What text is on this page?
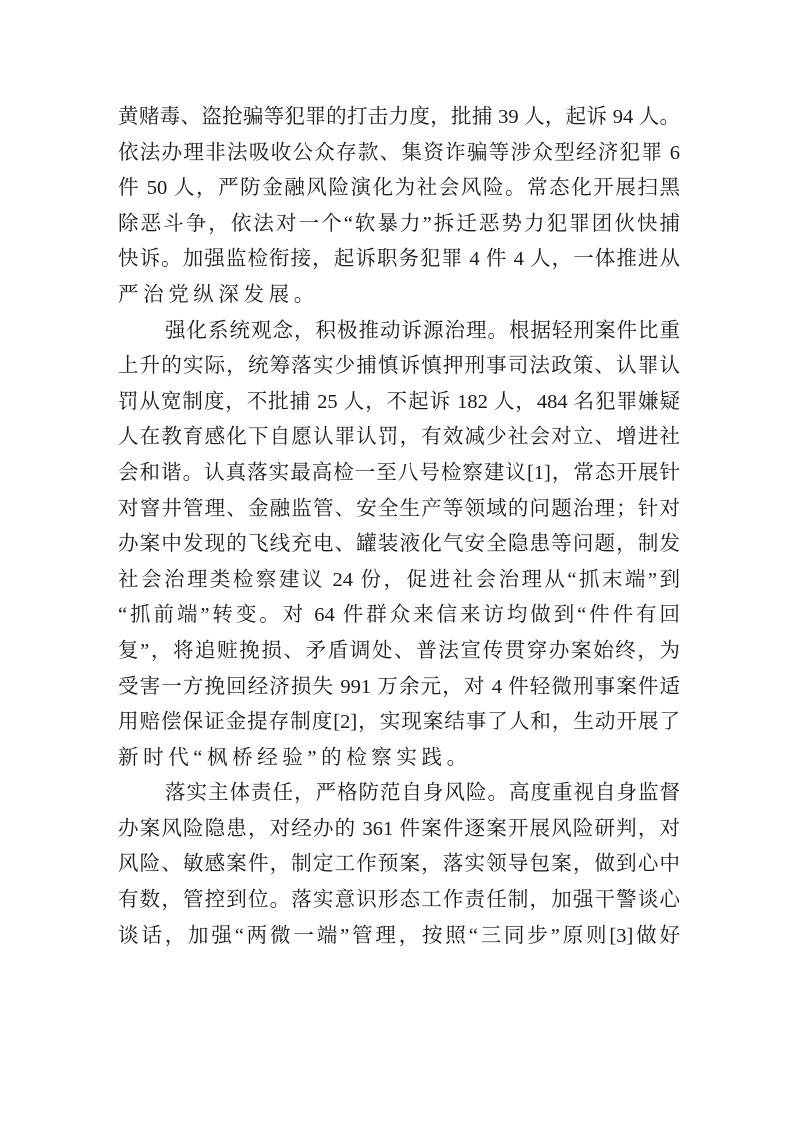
黄赌毒、盗抢骗等犯罪的打击力度，批捕 39 人，起诉 94 人。
依法办理非法吸收公众存款、集资诈骗等涉众型经济犯罪 6
件 50 人，严防金融风险演化为社会风险。常态化开展扫黑
除恶斗争，依法对一个“软暴力”拆迁恶势力犯罪团伙快捕
快诉。加强监检衔接，起诉职务犯罪 4 件 4 人，一体推进从
严治党纵深发展。
强化系统观念，积极推动诉源治理。根据轻刑案件比重
上升的实际，统筹落实少捕慎诉慎押刑事司法政策、认罪认
罚从宽制度，不批捕 25 人，不起诉 182 人，484 名犯罪嫌疑
人在教育感化下自愿认罪认罚，有效减少社会对立、增进社
会和谐。认真落实最高检一至八号检察建议[1]，常态开展针
对窨井管理、金融监管、安全生产等领域的问题治理；针对
办案中发现的飞线充电、罐装液化气安全隐患等问题，制发
社会治理类检察建议 24 份，促进社会治理从“抓末端”到
“抓前端”转变。对 64 件群众来信来访均做到“件件有回
复”，将追赃挽损、矛盾调处、普法宣传贯穿办案始终，为
受害一方挽回经济损失 991 万余元，对 4 件轻微刑事案件适
用赔偿保证金提存制度[2]，实现案结事了人和，生动开展了
新时代“枫桥经验”的检察实践。
落实主体责任，严格防范自身风险。高度重视自身监督
办案风险隐患，对经办的 361 件案件逐案开展风险研判，对
风险、敏感案件，制定工作预案，落实领导包案，做到心中
有数，管控到位。落实意识形态工作责任制，加强干警谈心
谈话，加强“两微一端”管理，按照“三同步”原则[3]做好
